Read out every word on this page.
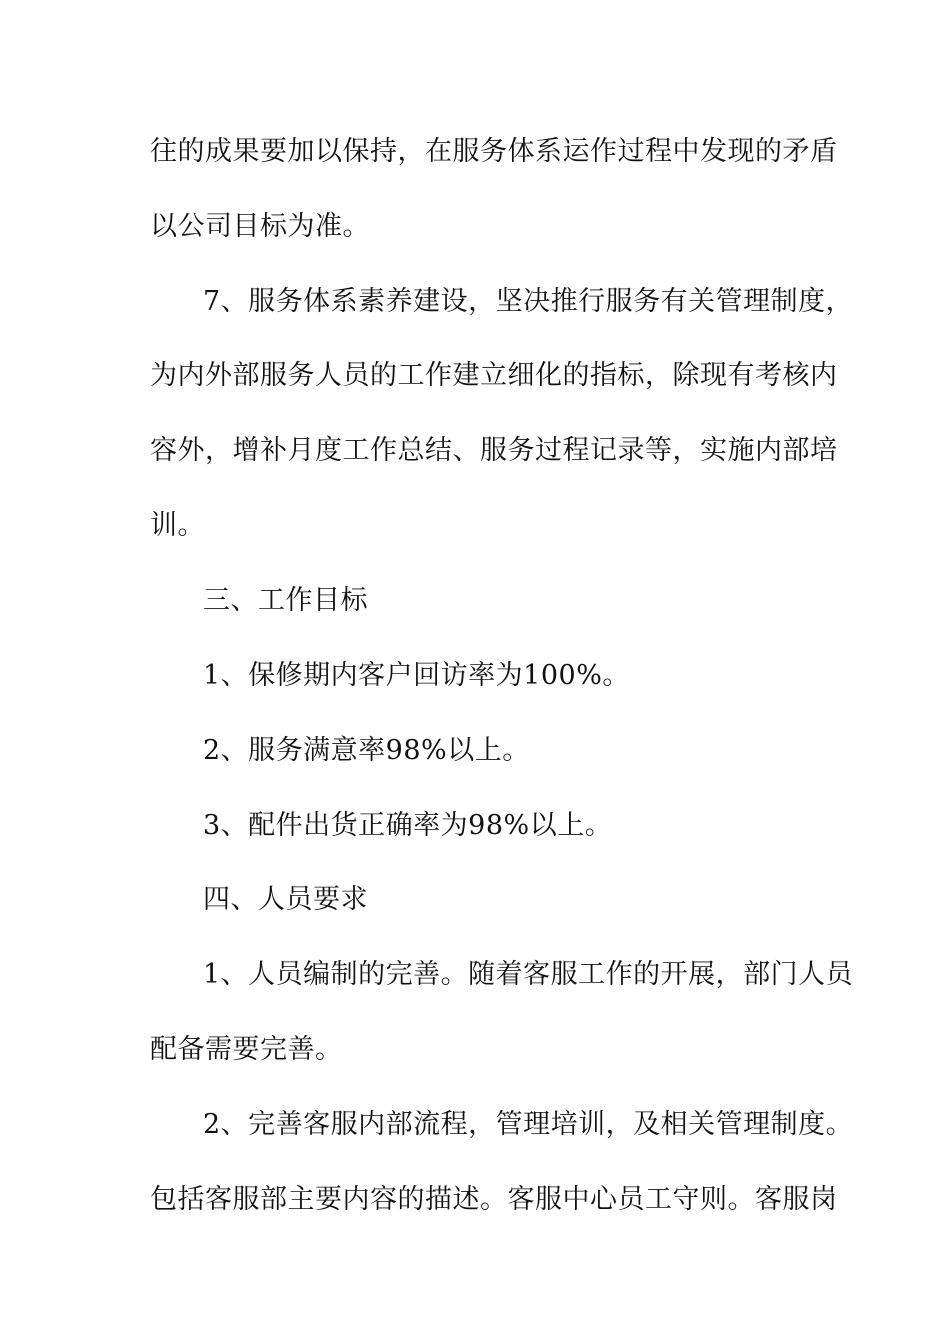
往的成果要加以保持，在服务体系运作过程中发现的矛盾
以公司目标为准。
7、服务体系素养建设，坚决推行服务有关管理制度，
为内外部服务人员的工作建立细化的指标，除现有考核内
容外，增补月度工作总结、服务过程记录等，实施内部培
训。
三、工作目标
1、保修期内客户回访率为100%。
2、服务满意率98%以上。
3、配件出货正确率为98%以上。
四、人员要求
1、人员编制的完善。随着客服工作的开展，部门人员
配备需要完善。
2、完善客服内部流程，管理培训，及相关管理制度。
包括客服部主要内容的描述。客服中心员工守则。客服岗
